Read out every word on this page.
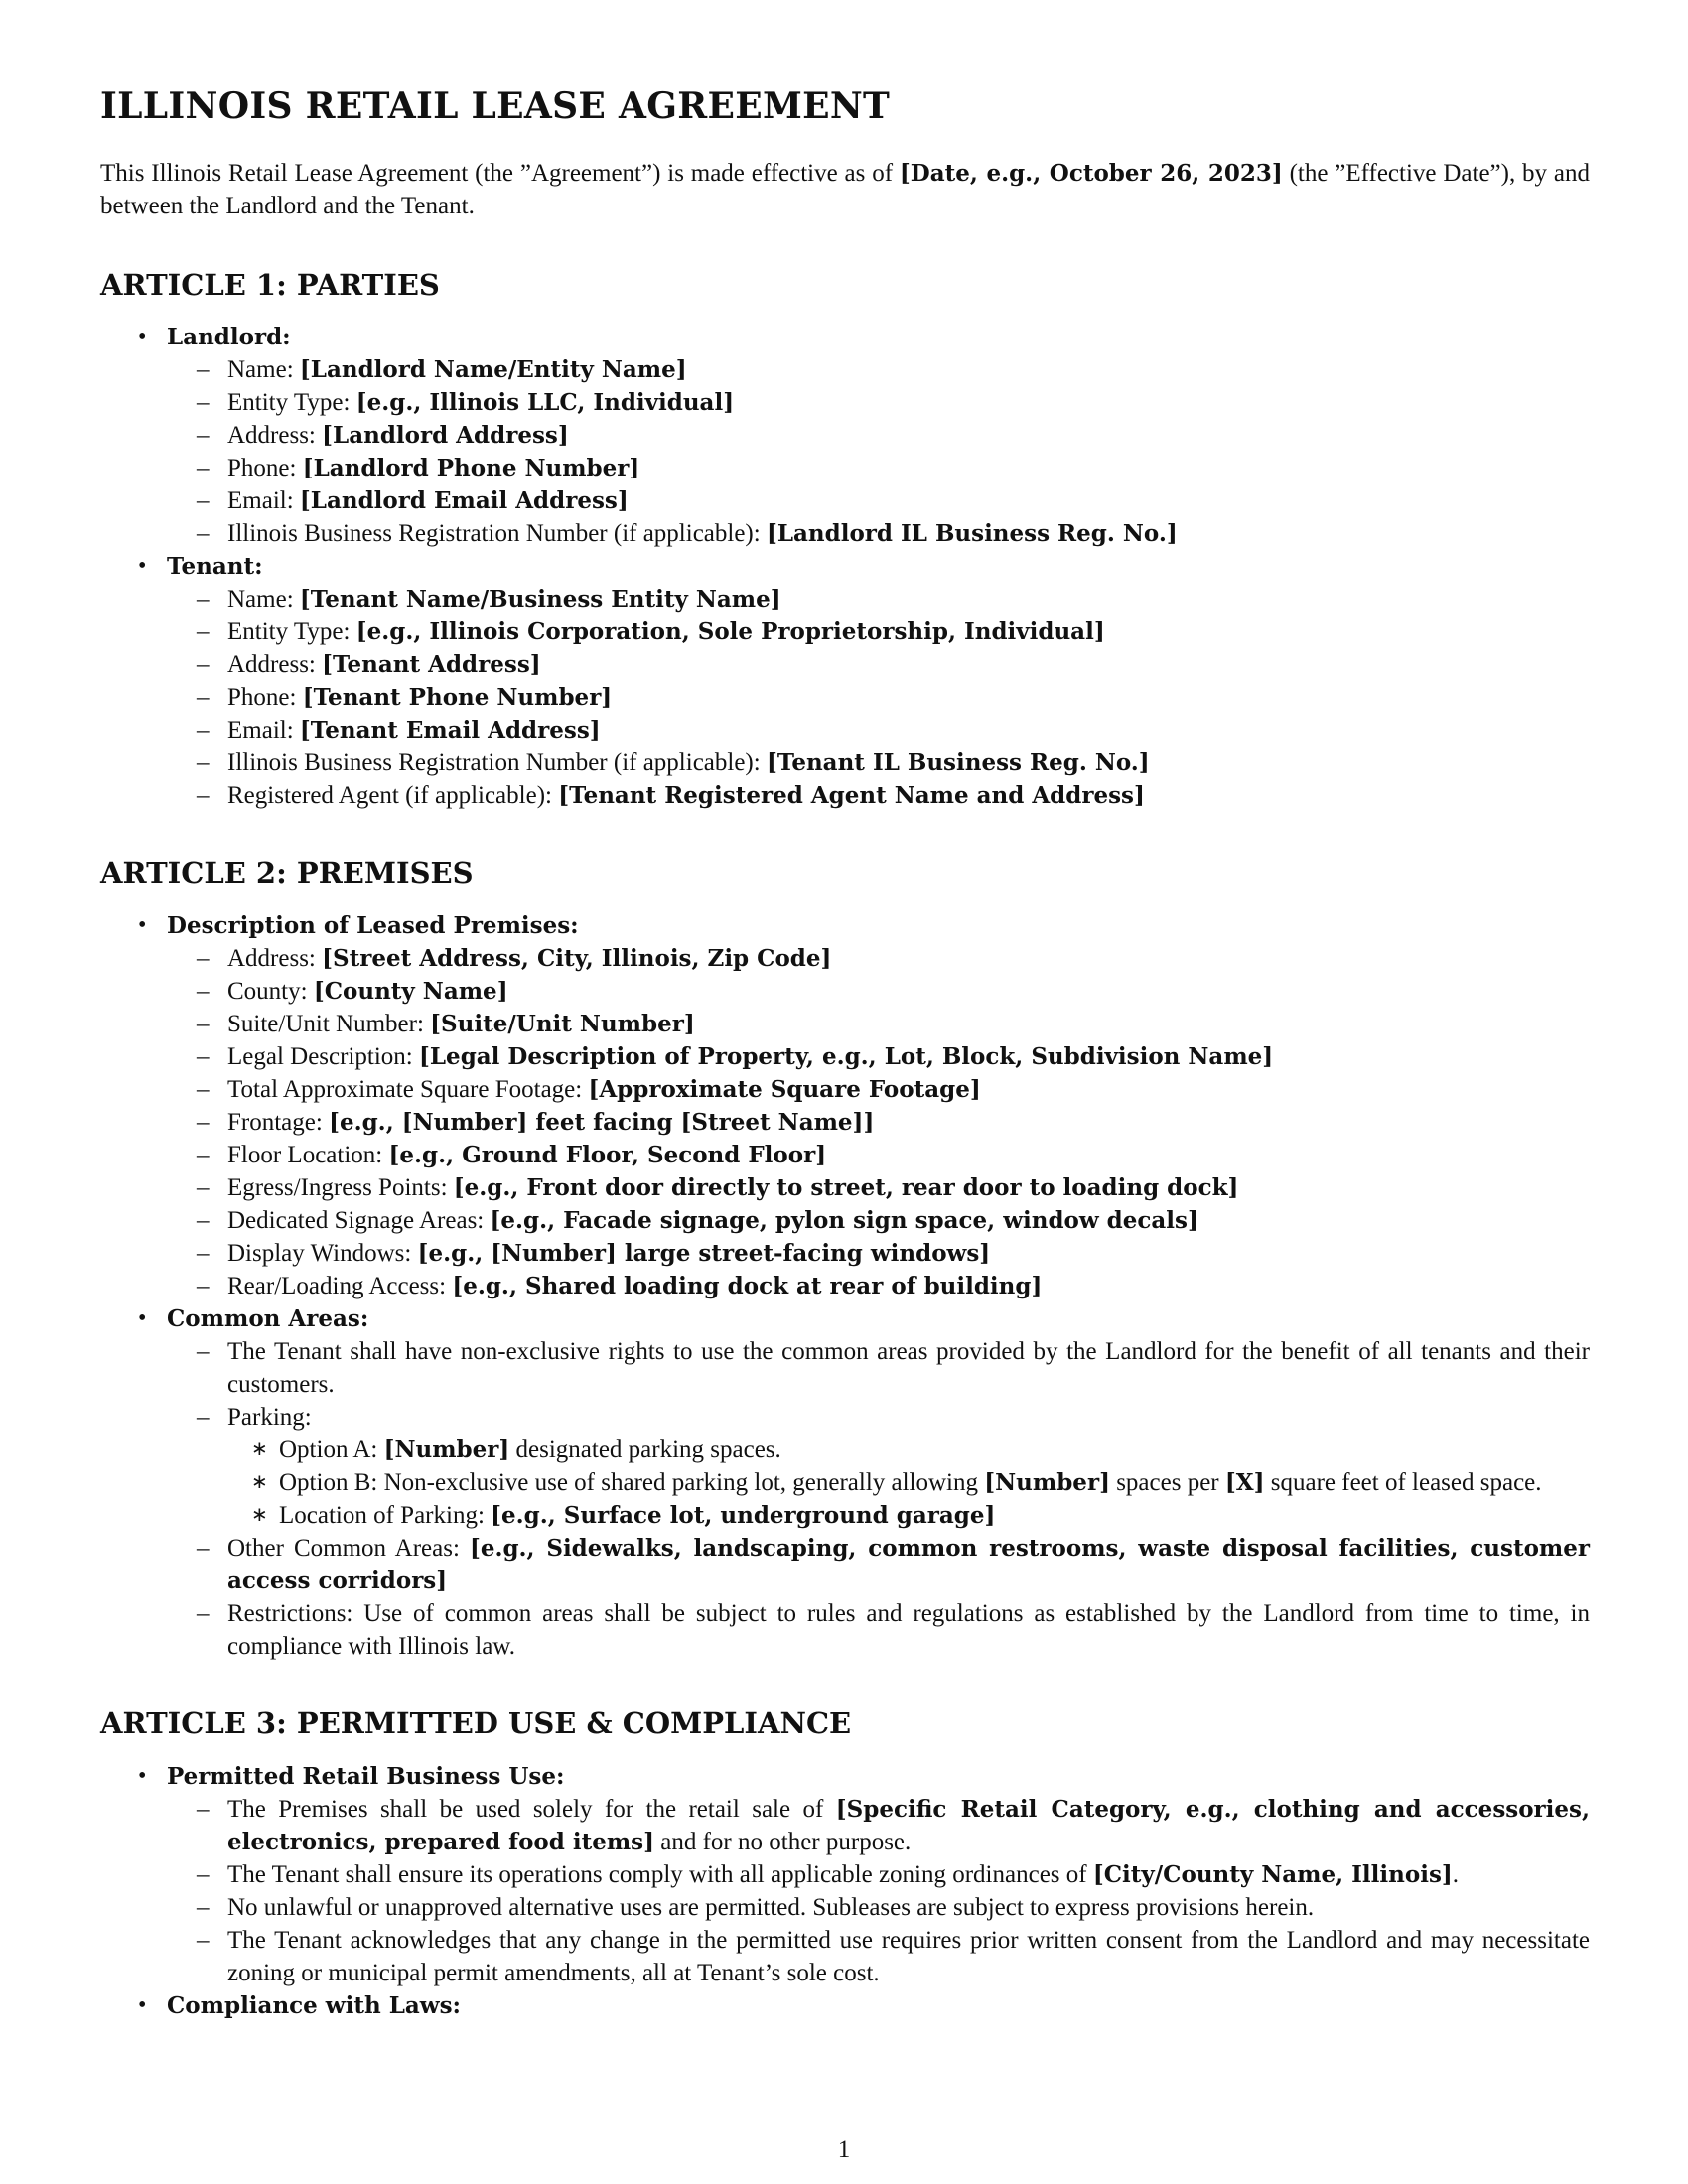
ILLINOIS RETAIL LEASE AGREEMENT

This Illinois Retail Lease Agreement (the ”Agreement”) is made effective as of [Date, e.g., October 26, 2023] (the ”Effective Date”), by and between the Landlord and the Tenant.

ARTICLE 1: PARTIES
• Landlord:
– Name: [Landlord Name/Entity Name]
– Entity Type: [e.g., Illinois LLC, Individual]
– Address: [Landlord Address]
– Phone: [Landlord Phone Number]
– Email: [Landlord Email Address]
– Illinois Business Registration Number (if applicable): [Landlord IL Business Reg. No.]
• Tenant:
– Name: [Tenant Name/Business Entity Name]
– Entity Type: [e.g., Illinois Corporation, Sole Proprietorship, Individual]
– Address: [Tenant Address]
– Phone: [Tenant Phone Number]
– Email: [Tenant Email Address]
– Illinois Business Registration Number (if applicable): [Tenant IL Business Reg. No.]
– Registered Agent (if applicable): [Tenant Registered Agent Name and Address]
ARTICLE 2: PREMISES
• Description of Leased Premises:
– Address: [Street Address, City, Illinois, Zip Code]
– County: [County Name]
– Suite/Unit Number: [Suite/Unit Number]
– Legal Description: [Legal Description of Property, e.g., Lot, Block, Subdivision Name]
– Total Approximate Square Footage: [Approximate Square Footage]
– Frontage: [e.g., [Number] feet facing [Street Name]]
– Floor Location: [e.g., Ground Floor, Second Floor]
– Egress/Ingress Points: [e.g., Front door directly to street, rear door to loading dock]
– Dedicated Signage Areas: [e.g., Facade signage, pylon sign space, window decals]
– Display Windows: [e.g., [Number] large street-facing windows]
– Rear/Loading Access: [e.g., Shared loading dock at rear of building]
• Common Areas:
– The Tenant shall have non-exclusive rights to use the common areas provided by the Landlord for the benefit of all tenants and their customers.
– Parking:
∗ Option A: [Number] designated parking spaces.
∗ Option B: Non-exclusive use of shared parking lot, generally allowing [Number] spaces per [X] square feet of leased space.
∗ Location of Parking: [e.g., Surface lot, underground garage]
– Other Common Areas: [e.g., Sidewalks, landscaping, common restrooms, waste disposal facilities, customer access corridors]
– Restrictions: Use of common areas shall be subject to rules and regulations as established by the Landlord from time to time, in compliance with Illinois law.
ARTICLE 3: PERMITTED USE & COMPLIANCE
• Permitted Retail Business Use:
– The Premises shall be used solely for the retail sale of [Specific Retail Category, e.g., clothing and accessories, electronics, prepared food items] and for no other purpose.
– The Tenant shall ensure its operations comply with all applicable zoning ordinances of [City/County Name, Illinois].
– No unlawful or unapproved alternative uses are permitted. Subleases are subject to express provisions herein.
– The Tenant acknowledges that any change in the permitted use requires prior written consent from the Landlord and may necessitate zoning or municipal permit amendments, all at Tenant’s sole cost.
• Compliance with Laws:
1
